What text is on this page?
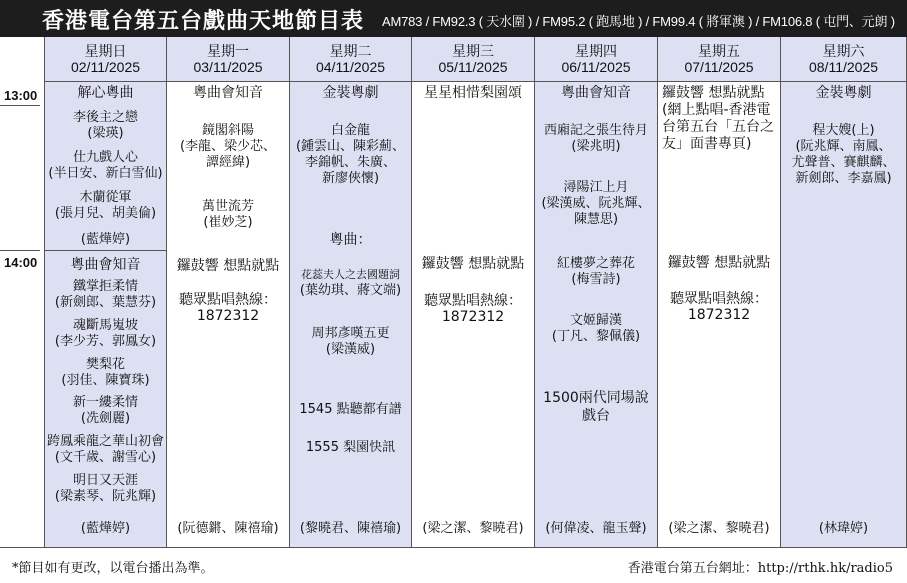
香港電台第五台戲曲天地節目表 AM783 / FM92.3 ( 天水圍 ) / FM95.2 ( 跑馬地 ) / FM99.4 ( 將軍澳 ) / FM106.8 ( 屯門、元朗 )
13:00
14:00
星期日
02/11/2025
解心粵曲
李後主之戀
(梁瑛)
仕九戲人心
(半日安、新白雪仙)
木蘭從軍
(張月兒、胡美倫)
(藍燁婷)
粵曲會知音
鐵掌拒柔情
(新劍郎、葉慧芬)
魂斷馬嵬坡
(李少芳、郭鳳女)
樊梨花
(羽佳、陳寶珠)
新一縷柔情
(冼劍麗)
跨鳳乘龍之華山初會
(文千歲、謝雪心)
明日又天涯
(梁素琴、阮兆輝)
(藍燁婷)
星期一
03/11/2025
粵曲會知音
鏡閣斜陽
(李龍、梁少芯、
譚經緯)
萬世流芳
(崔妙芝)
鑼鼓響 想點就點
聽眾點唱熱線：
1872312
(阮德鏘、陳禧瑜)
星期二
04/11/2025
金裝粵劇
白金龍
(鍾雲山、陳彩薊、
李錦帆、朱廣、
新廖俠懷)
粵曲：
花蕊夫人之去國題詞
(葉幼琪、蔣文端)
周邦彥嘆五更
(梁漢威)
1545 點聽都有譜
1555 梨園快訊
(黎曉君、陳禧瑜)
星期三
05/11/2025
星星相惜梨園頌
鑼鼓響 想點就點
聽眾點唱熱線：
1872312
(梁之潔、黎曉君)
星期四
06/11/2025
粵曲會知音
西廂記之張生待月
(梁兆明)
潯陽江上月
(梁漢威、阮兆輝、
陳慧思)
紅樓夢之葬花
(梅雪詩)
文姬歸漢
(丁凡、黎佩儀)
1500兩代同場說
戲台
(何偉凌、龍玉聲)
星期五
07/11/2025
鑼鼓響 想點就點
(網上點唱-香港電
台第五台「五台之
友」面書專頁)
鑼鼓響 想點就點
聽眾點唱熱線：
1872312
(梁之潔、黎曉君)
星期六
08/11/2025
金裝粵劇
程大嫂(上)
(阮兆輝、南鳳、
尤聲普、賽麒麟、
新劍郎、李嘉鳳)
(林瑋婷)
*節目如有更改，以電台播出為準。	香港電台第五台網址：http://rthk.hk/radio5
